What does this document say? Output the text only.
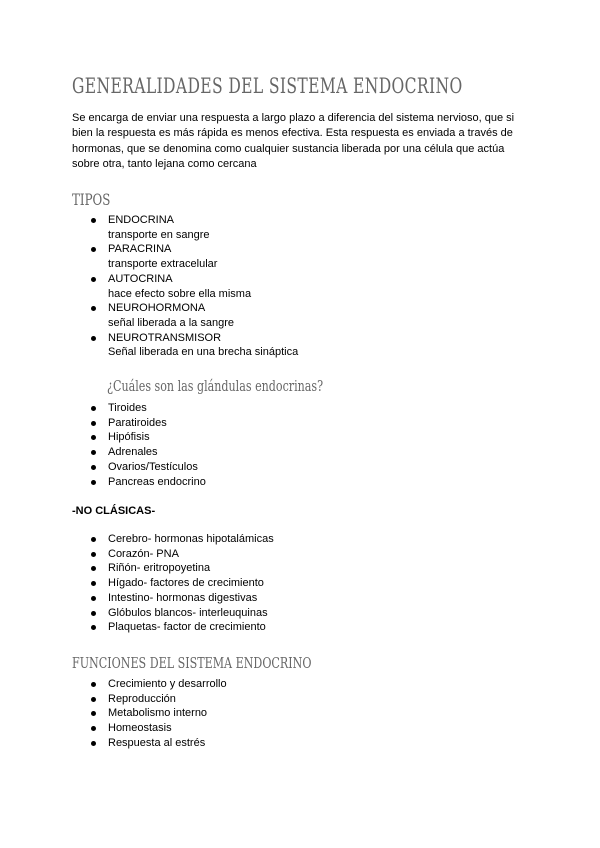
GENERALIDADES DEL SISTEMA ENDOCRINO

Se encarga de enviar una respuesta a largo plazo a diferencia del sistema nervioso, que si bien la respuesta es más rápida es menos efectiva. Esta respuesta es enviada a través de hormonas, que se denomina como cualquier sustancia liberada por una célula que actúa sobre otra, tanto lejana como cercana

TIPOS
ENDOCRINA
transporte en sangre
PARACRINA
transporte extracelular
AUTOCRINA
hace efecto sobre ella misma
NEUROHORMONA
señal liberada a la sangre
NEUROTRANSMISOR
Señal liberada en una brecha sináptica
¿Cuáles son las glándulas endocrinas?
Tiroides
Paratiroides
Hipófisis
Adrenales
Ovarios/Testículos
Pancreas endocrino

-NO CLÁSICAS-

Cerebro- hormonas hipotalámicas
Corazón- PNA
Riñón- eritropoyetina
Hígado- factores de crecimiento
Intestino- hormonas digestivas
Glóbulos blancos- interleuquinas
Plaquetas- factor de crecimiento
FUNCIONES DEL SISTEMA ENDOCRINO
Crecimiento y desarrollo
Reproducción
Metabolismo interno
Homeostasis
Respuesta al estrés
